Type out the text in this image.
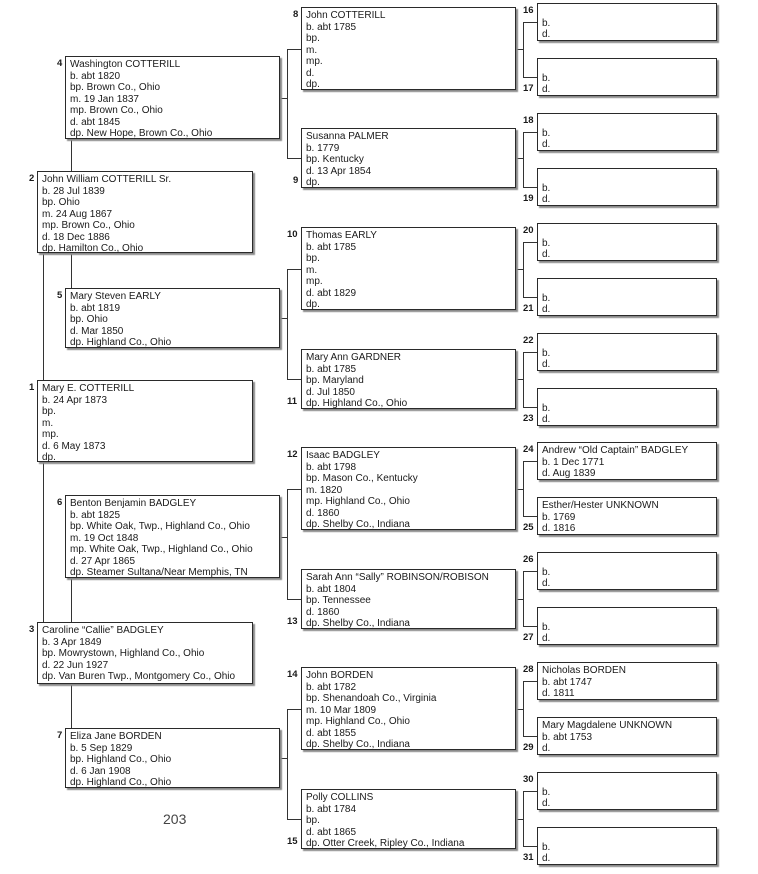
Mary E. COTTERILL
b. 24 Apr 1873
bp.
m.
mp.
d. 6 May 1873
dp.
1
John William COTTERILL Sr.
b. 28 Jul 1839
bp. Ohio
m. 24 Aug 1867
mp. Brown Co., Ohio
d. 18 Dec 1886
dp. Hamilton Co., Ohio
2
Caroline “Callie” BADGLEY
b. 3 Apr 1849
bp. Mowrystown, Highland Co., Ohio
d. 22 Jun 1927
dp. Van Buren Twp., Montgomery Co., Ohio
3
Washington COTTERILL
b. abt 1820
bp. Brown Co., Ohio
m. 19 Jan 1837
mp. Brown Co., Ohio
d. abt 1845
dp. New Hope, Brown Co., Ohio
4
Mary Steven EARLY
b. abt 1819
bp. Ohio
d. Mar 1850
dp. Highland Co., Ohio
5
Benton Benjamin BADGLEY
b. abt 1825
bp. White Oak, Twp., Highland Co., Ohio
m. 19 Oct 1848
mp. White Oak, Twp., Highland Co., Ohio
d. 27 Apr 1865
dp. Steamer Sultana/Near Memphis, TN
6
Eliza Jane BORDEN
b. 5 Sep 1829
bp. Highland Co., Ohio
d. 6 Jan 1908
dp. Highland Co., Ohio
7
John COTTERILL
b. abt 1785
bp.
m.
mp.
d.
dp.
8
Susanna PALMER
b. 1779
bp. Kentucky
d. 13 Apr 1854
dp.
9
Thomas EARLY
b. abt 1785
bp.
m.
mp.
d. abt 1829
dp.
10
Mary Ann GARDNER
b. abt 1785
bp. Maryland
d. Jul 1850
dp. Highland Co., Ohio
11
Isaac BADGLEY
b. abt 1798
bp. Mason Co., Kentucky
m. 1820
mp. Highland Co., Ohio
d. 1860
dp. Shelby Co., Indiana
12
Sarah Ann “Sally” ROBINSON/ROBISON
b. abt 1804
bp. Tennessee
d. 1860
dp. Shelby Co., Indiana
13
John BORDEN
b. abt 1782
bp. Shenandoah Co., Virginia
m. 10 Mar 1809
mp. Highland Co., Ohio
d. abt 1855
dp. Shelby Co., Indiana
14
Polly COLLINS
b. abt 1784
bp.
d. abt 1865
dp. Otter Creek, Ripley Co., Indiana
15
b.
d.
16
b.
d.
17
b.
d.
18
b.
d.
19
b.
d.
20
b.
d.
21
b.
d.
22
b.
d.
23
Andrew “Old Captain” BADGLEY
b. 1 Dec 1771
d. Aug 1839
24
Esther/Hester UNKNOWN
b. 1769
d. 1816
25
b.
d.
26
b.
d.
27
Nicholas BORDEN
b. abt 1747
d. 1811
28
Mary Magdalene UNKNOWN
b. abt 1753
d.
29
b.
d.
30
b.
d.
31
203
